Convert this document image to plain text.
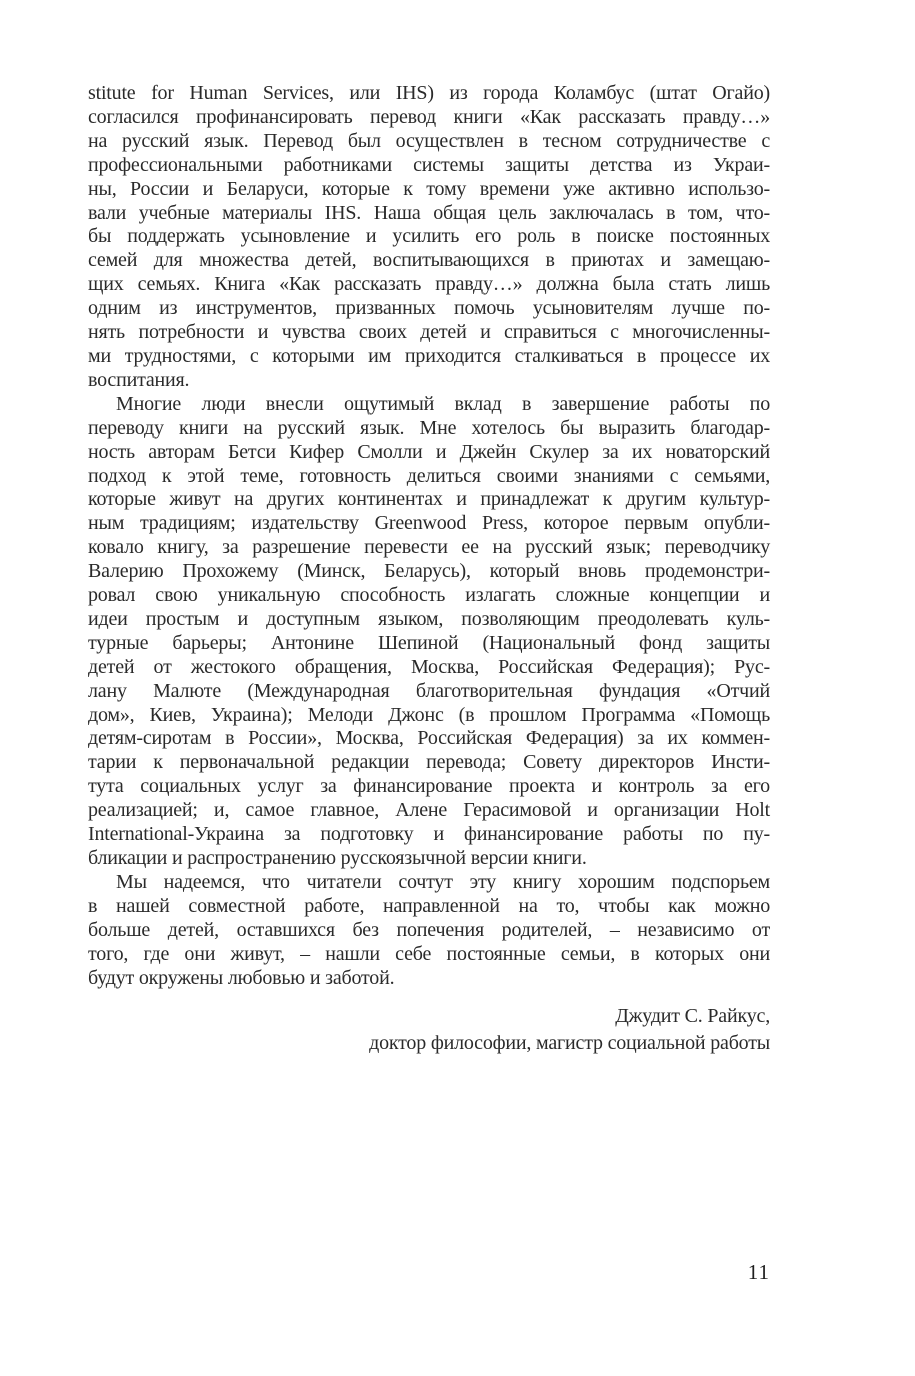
stitute for Human Services, или IHS) из города Коламбус (штат Огайо)
согласился профинансировать перевод книги «Как рассказать правду…»
на русский язык. Перевод был осуществлен в тесном сотрудничестве с
профессиональными работниками системы защиты детства из Украи-
ны, России и Беларуси, которые к тому времени уже активно использо-
вали учебные материалы IHS. Наша общая цель заключалась в том, что-
бы поддержать усыновление и усилить его роль в поиске постоянных
семей для множества детей, воспитывающихся в приютах и замещаю-
щих семьях. Книга «Как рассказать правду…» должна была стать лишь
одним из инструментов, призванных помочь усыновителям лучше по-
нять потребности и чувства своих детей и справиться с многочисленны-
ми трудностями, с которыми им приходится сталкиваться в процессе их
воспитания.
Многие люди внесли ощутимый вклад в завершение работы по
переводу книги на русский язык. Мне хотелось бы выразить благодар-
ность авторам Бетси Кифер Смолли и Джейн Скулер за их новаторский
подход к этой теме, готовность делиться своими знаниями с семьями,
которые живут на других континентах и принадлежат к другим культур-
ным традициям; издательству Greenwood Press, которое первым опубли-
ковало книгу, за разрешение перевести ее на русский язык; переводчику
Валерию Прохожему (Минск, Беларусь), который вновь продемонстри-
ровал свою уникальную способность излагать сложные концепции и
идеи простым и доступным языком, позволяющим преодолевать куль-
турные барьеры; Антонине Шепиной (Национальный фонд защиты
детей от жестокого обращения, Москва, Российская Федерация); Рус-
лану Малюте (Международная благотворительная фундация «Отчий
дом», Киев, Украина); Мелоди Джонс (в прошлом Программа «Помощь
детям-сиротам в России», Москва, Российская Федерация) за их коммен-
тарии к первоначальной редакции перевода; Совету директоров Инсти-
тута социальных услуг за финансирование проекта и контроль за его
реализацией; и, самое главное, Алене Герасимовой и организации Holt
International-Украина за подготовку и финансирование работы по пу-
бликации и распространению русскоязычной версии книги.
Мы надеемся, что читатели сочтут эту книгу хорошим подспорьем
в нашей совместной работе, направленной на то, чтобы как можно
больше детей, оставшихся без попечения родителей, – независимо от
того, где они живут, – нашли себе постоянные семьи, в которых они
будут окружены любовью и заботой.
Джудит С. Райкус,
доктор философии, магистр социальной работы
11
